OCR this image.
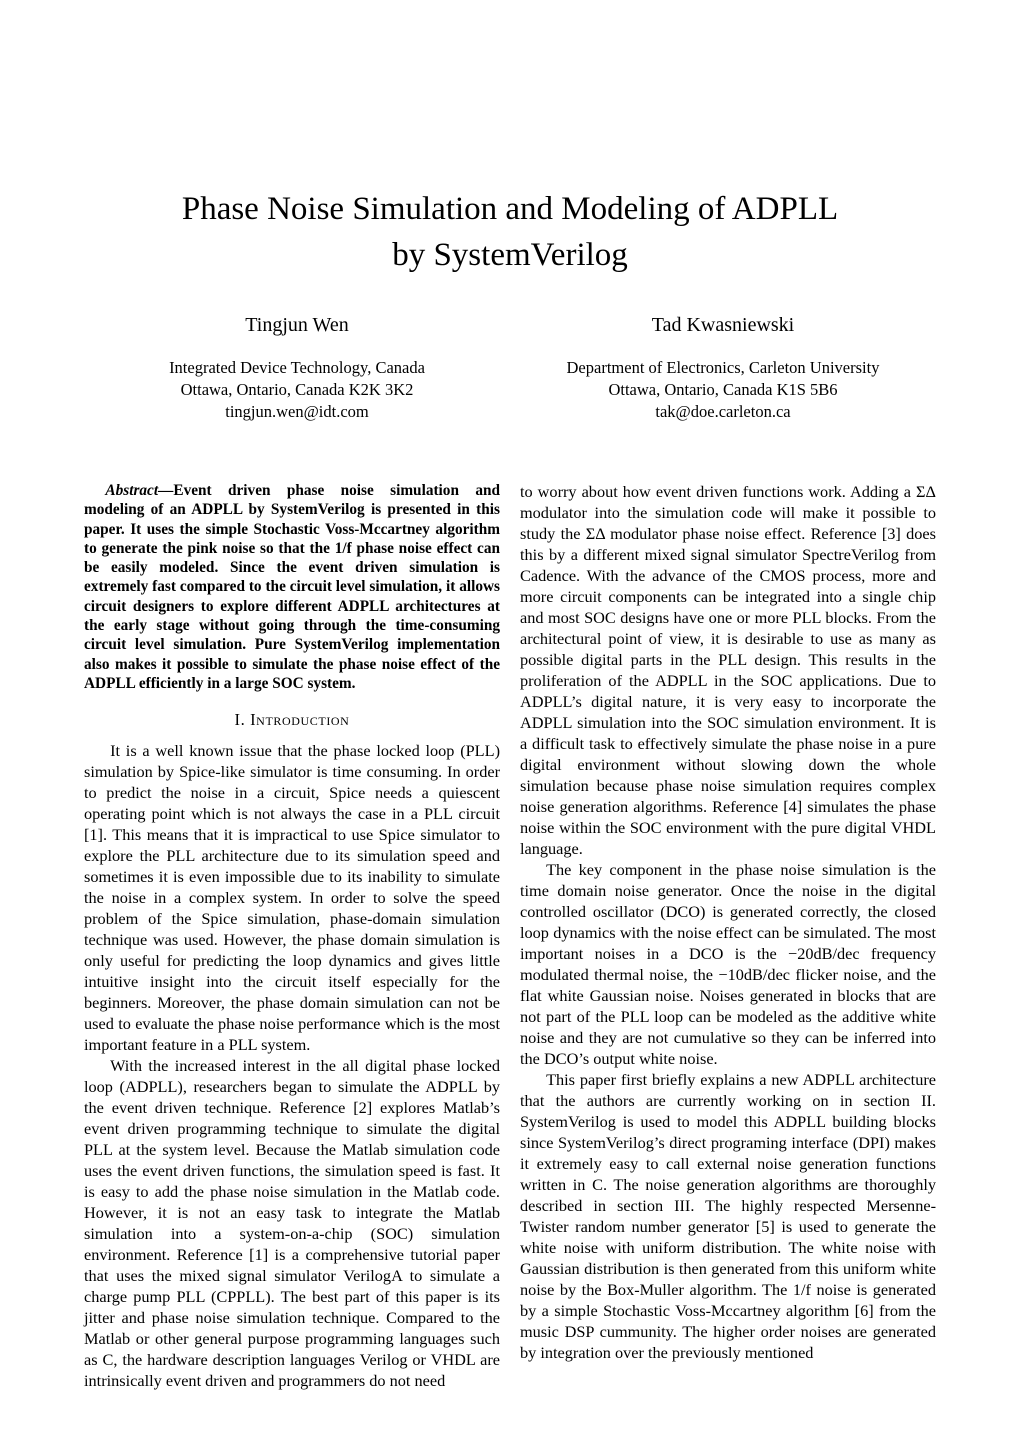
Phase Noise Simulation and Modeling of ADPLL
by SystemVerilog
Tingjun Wen
Integrated Device Technology, Canada
Ottawa, Ontario, Canada K2K 3K2
tingjun.wen@idt.com
Tad Kwasniewski
Department of Electronics, Carleton University
Ottawa, Ontario, Canada K1S 5B6
tak@doe.carleton.ca

Abstract—Event driven phase noise simulation and modeling of an ADPLL by SystemVerilog is presented in this paper. It uses the simple Stochastic Voss-Mccartney algorithm to generate the pink noise so that the 1/f phase noise effect can be easily modeled. Since the event driven simulation is extremely fast compared to the circuit level simulation, it allows circuit designers to explore different ADPLL architectures at the early stage without going through the time-consuming circuit level simulation. Pure SystemVerilog implementation also makes it possible to simulate the phase noise effect of the ADPLL efficiently in a large SOC system.

I. Introduction

It is a well known issue that the phase locked loop (PLL) simulation by Spice-like simulator is time consuming. In order to predict the noise in a circuit, Spice needs a quiescent operating point which is not always the case in a PLL circuit [1]. This means that it is impractical to use Spice simulator to explore the PLL architecture due to its simulation speed and sometimes it is even impossible due to its inability to simulate the noise in a complex system. In order to solve the speed problem of the Spice simulation, phase-domain simulation technique was used. However, the phase domain simulation is only useful for predicting the loop dynamics and gives little intuitive insight into the circuit itself especially for the beginners. Moreover, the phase domain simulation can not be used to evaluate the phase noise performance which is the most important feature in a PLL system.

With the increased interest in the all digital phase locked loop (ADPLL), researchers began to simulate the ADPLL by the event driven technique. Reference [2] explores Matlab’s event driven programming technique to simulate the digital PLL at the system level. Because the Matlab simulation code uses the event driven functions, the simulation speed is fast. It is easy to add the phase noise simulation in the Matlab code. However, it is not an easy task to integrate the Matlab simulation into a system-on-a-chip (SOC) simulation environment. Reference [1] is a comprehensive tutorial paper that uses the mixed signal simulator VerilogA to simulate a charge pump PLL (CPPLL). The best part of this paper is its jitter and phase noise simulation technique. Compared to the Matlab or other general purpose programming languages such as C, the hardware description languages Verilog or VHDL are intrinsically event driven and programmers do not need

to worry about how event driven functions work. Adding a ΣΔ modulator into the simulation code will make it possible to study the ΣΔ modulator phase noise effect. Reference [3] does this by a different mixed signal simulator SpectreVerilog from Cadence. With the advance of the CMOS process, more and more circuit components can be integrated into a single chip and most SOC designs have one or more PLL blocks. From the architectural point of view, it is desirable to use as many as possible digital parts in the PLL design. This results in the proliferation of the ADPLL in the SOC applications. Due to ADPLL’s digital nature, it is very easy to incorporate the ADPLL simulation into the SOC simulation environment. It is a difficult task to effectively simulate the phase noise in a pure digital environment without slowing down the whole simulation because phase noise simulation requires complex noise generation algorithms. Reference [4] simulates the phase noise within the SOC environment with the pure digital VHDL language.

The key component in the phase noise simulation is the time domain noise generator. Once the noise in the digital controlled oscillator (DCO) is generated correctly, the closed loop dynamics with the noise effect can be simulated. The most important noises in a DCO is the −20dB/dec frequency modulated thermal noise, the −10dB/dec flicker noise, and the flat white Gaussian noise. Noises generated in blocks that are not part of the PLL loop can be modeled as the additive white noise and they are not cumulative so they can be inferred into the DCO’s output white noise.

This paper first briefly explains a new ADPLL architecture that the authors are currently working on in section II. SystemVerilog is used to model this ADPLL building blocks since SystemVerilog’s direct programing interface (DPI) makes it extremely easy to call external noise generation functions written in C. The noise generation algorithms are thoroughly described in section III. The highly respected Mersenne-Twister random number generator [5] is used to generate the white noise with uniform distribution. The white noise with Gaussian distribution is then generated from this uniform white noise by the Box-Muller algorithm. The 1/f noise is generated by a simple Stochastic Voss-Mccartney algorithm [6] from the music DSP cummunity. The higher order noises are generated by integration over the previously mentioned
